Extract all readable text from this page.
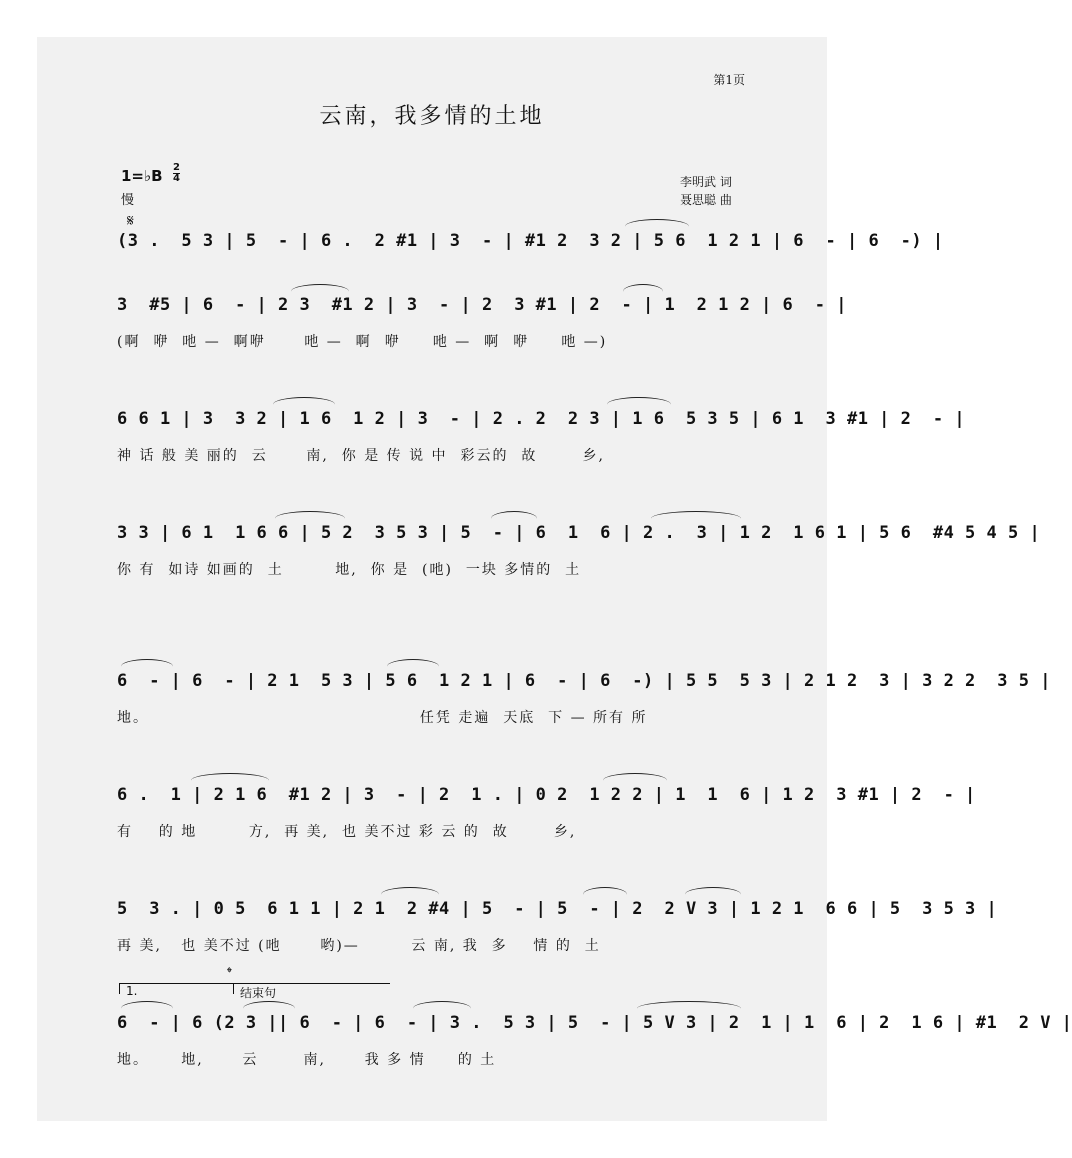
第1页
云南，我多情的土地
1=♭B 2
4
慢
李明武 词
聂思聪 曲
𝄋
(3 .  5 3 | 5  - | 6 .  2 #1 | 3  - | #1 2  3 2 | 5 6  1 2 1 | 6  - | 6  -) |
3  #5 | 6  - | 2 3  #1 2 | 3  - | 2  3 #1 | 2  - | 1  2 1 2 | 6  - |
(啊  咿  吔 —  啊咿      吔 —  啊  咿     吔 —  啊  咿     吔 —)
6 6 1 | 3  3 2 | 1 6  1 2 | 3  - | 2 . 2  2 3 | 1 6  5 3 5 | 6 1  3 #1 | 2  - |
神 话 般 美 丽的  云      南,  你 是 传 说 中  彩云的  故       乡,
3 3 | 6 1  1 6 6 | 5 2  3 5 3 | 5  - | 6  1  6 | 2 .  3 | 1 2  1 6 1 | 5 6  #4 5 4 5 |
你 有  如诗 如画的  土        地,  你 是  (吔)  一块 多情的  土
6  - | 6  - | 2 1  5 3 | 5 6  1 2 1 | 6  - | 6  -) | 5 5  5 3 | 2 1 2  3 | 3 2 2  3 5 |
地。                                          任凭 走遍  天底  下 — 所有 所
6 .  1 | 2 1 6  #1 2 | 3  - | 2  1 . | 0 2  1 2 2 | 1  1  6 | 1 2  3 #1 | 2  - |
有    的 地        方,  再 美,  也 美不过 彩 云 的  故       乡,
5  3 . | 0 5  6 1 1 | 2 1  2 #4 | 5  - | 5  - | 2  2 V 3 | 1 2 1  6 6 | 5  3 5 3 |
再 美,   也 美不过 (吔      哟)—        云 南, 我  多    情 的  土
1.
𝄌
结束句
6  - | 6 (2 3 || 6  - | 6  - | 3 .  5 3 | 5  - | 5 V 3 | 2  1 | 1  6 | 2  1 6 | #1  2 V |
地。     地,      云       南,      我 多 情     的 土
